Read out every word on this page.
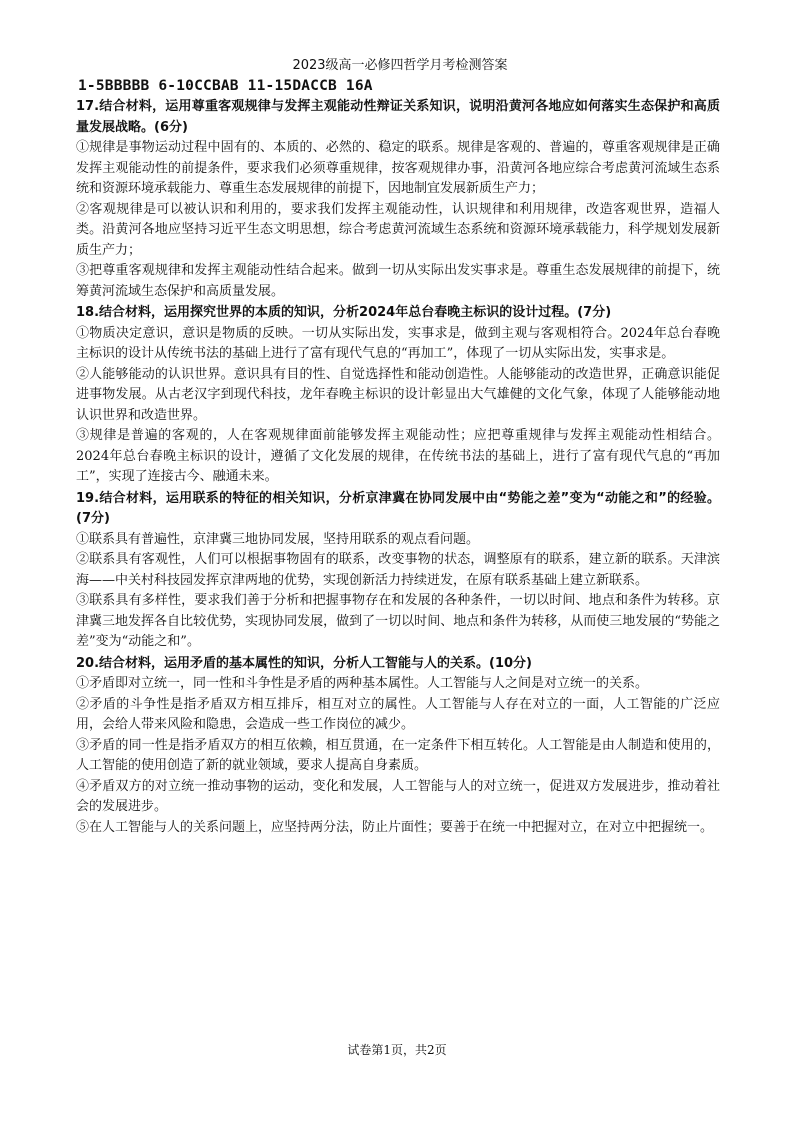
2023级高一必修四哲学月考检测答案
1-5BBBBB 6-10CCBAB 11-15DACCB 16A
17.结合材料，运用尊重客观规律与发挥主观能动性辩证关系知识，说明沿黄河各地应如何落实生态保护和高质量发展战略。(6分)
①规律是事物运动过程中固有的、本质的、必然的、稳定的联系。规律是客观的、普遍的，尊重客观规律是正确发挥主观能动性的前提条件，要求我们必须尊重规律，按客观规律办事，沿黄河各地应综合考虑黄河流域生态系统和资源环境承载能力、尊重生态发展规律的前提下，因地制宜发展新质生产力；
②客观规律是可以被认识和利用的，要求我们发挥主观能动性，认识规律和利用规律，改造客观世界，造福人类。沿黄河各地应坚持习近平生态文明思想，综合考虑黄河流域生态系统和资源环境承载能力，科学规划发展新质生产力；
③把尊重客观规律和发挥主观能动性结合起来。做到一切从实际出发实事求是。尊重生态发展规律的前提下，统筹黄河流域生态保护和高质量发展。
18.结合材料，运用探究世界的本质的知识，分析2024年总台春晚主标识的设计过程。(7分)
①物质决定意识，意识是物质的反映。一切从实际出发，实事求是，做到主观与客观相符合。2024年总台春晚主标识的设计从传统书法的基础上进行了富有现代气息的“再加工”，体现了一切从实际出发，实事求是。
②人能够能动的认识世界。意识具有目的性、自觉选择性和能动创造性。人能够能动的改造世界，正确意识能促进事物发展。从古老汉字到现代科技，龙年春晚主标识的设计彰显出大气雄健的文化气象，体现了人能够能动地认识世界和改造世界。
③规律是普遍的客观的，人在客观规律面前能够发挥主观能动性；应把尊重规律与发挥主观能动性相结合。2024年总台春晚主标识的设计，遵循了文化发展的规律，在传统书法的基础上，进行了富有现代气息的“再加工”，实现了连接古今、融通未来。
19.结合材料，运用联系的特征的相关知识，分析京津冀在协同发展中由“势能之差”变为“动能之和”的经验。(7分)
①联系具有普遍性，京津冀三地协同发展，坚持用联系的观点看问题。
②联系具有客观性，人们可以根据事物固有的联系，改变事物的状态，调整原有的联系，建立新的联系。天津滨海——中关村科技园发挥京津两地的优势，实现创新活力持续迸发，在原有联系基础上建立新联系。
③联系具有多样性，要求我们善于分析和把握事物存在和发展的各种条件，一切以时间、地点和条件为转移。京津冀三地发挥各自比较优势，实现协同发展，做到了一切以时间、地点和条件为转移，从而使三地发展的“势能之差”变为“动能之和”。
20.结合材料，运用矛盾的基本属性的知识，分析人工智能与人的关系。(10分)
①矛盾即对立统一，同一性和斗争性是矛盾的两种基本属性。人工智能与人之间是对立统一的关系。
②矛盾的斗争性是指矛盾双方相互排斥，相互对立的属性。人工智能与人存在对立的一面，人工智能的广泛应用，会给人带来风险和隐患，会造成一些工作岗位的减少。
③矛盾的同一性是指矛盾双方的相互依赖，相互贯通，在一定条件下相互转化。人工智能是由人制造和使用的，人工智能的使用创造了新的就业领域，要求人提高自身素质。
④矛盾双方的对立统一推动事物的运动，变化和发展，人工智能与人的对立统一，促进双方发展进步，推动着社会的发展进步。
⑤在人工智能与人的关系问题上，应坚持两分法，防止片面性；要善于在统一中把握对立，在对立中把握统一。
试卷第1页，共2页
